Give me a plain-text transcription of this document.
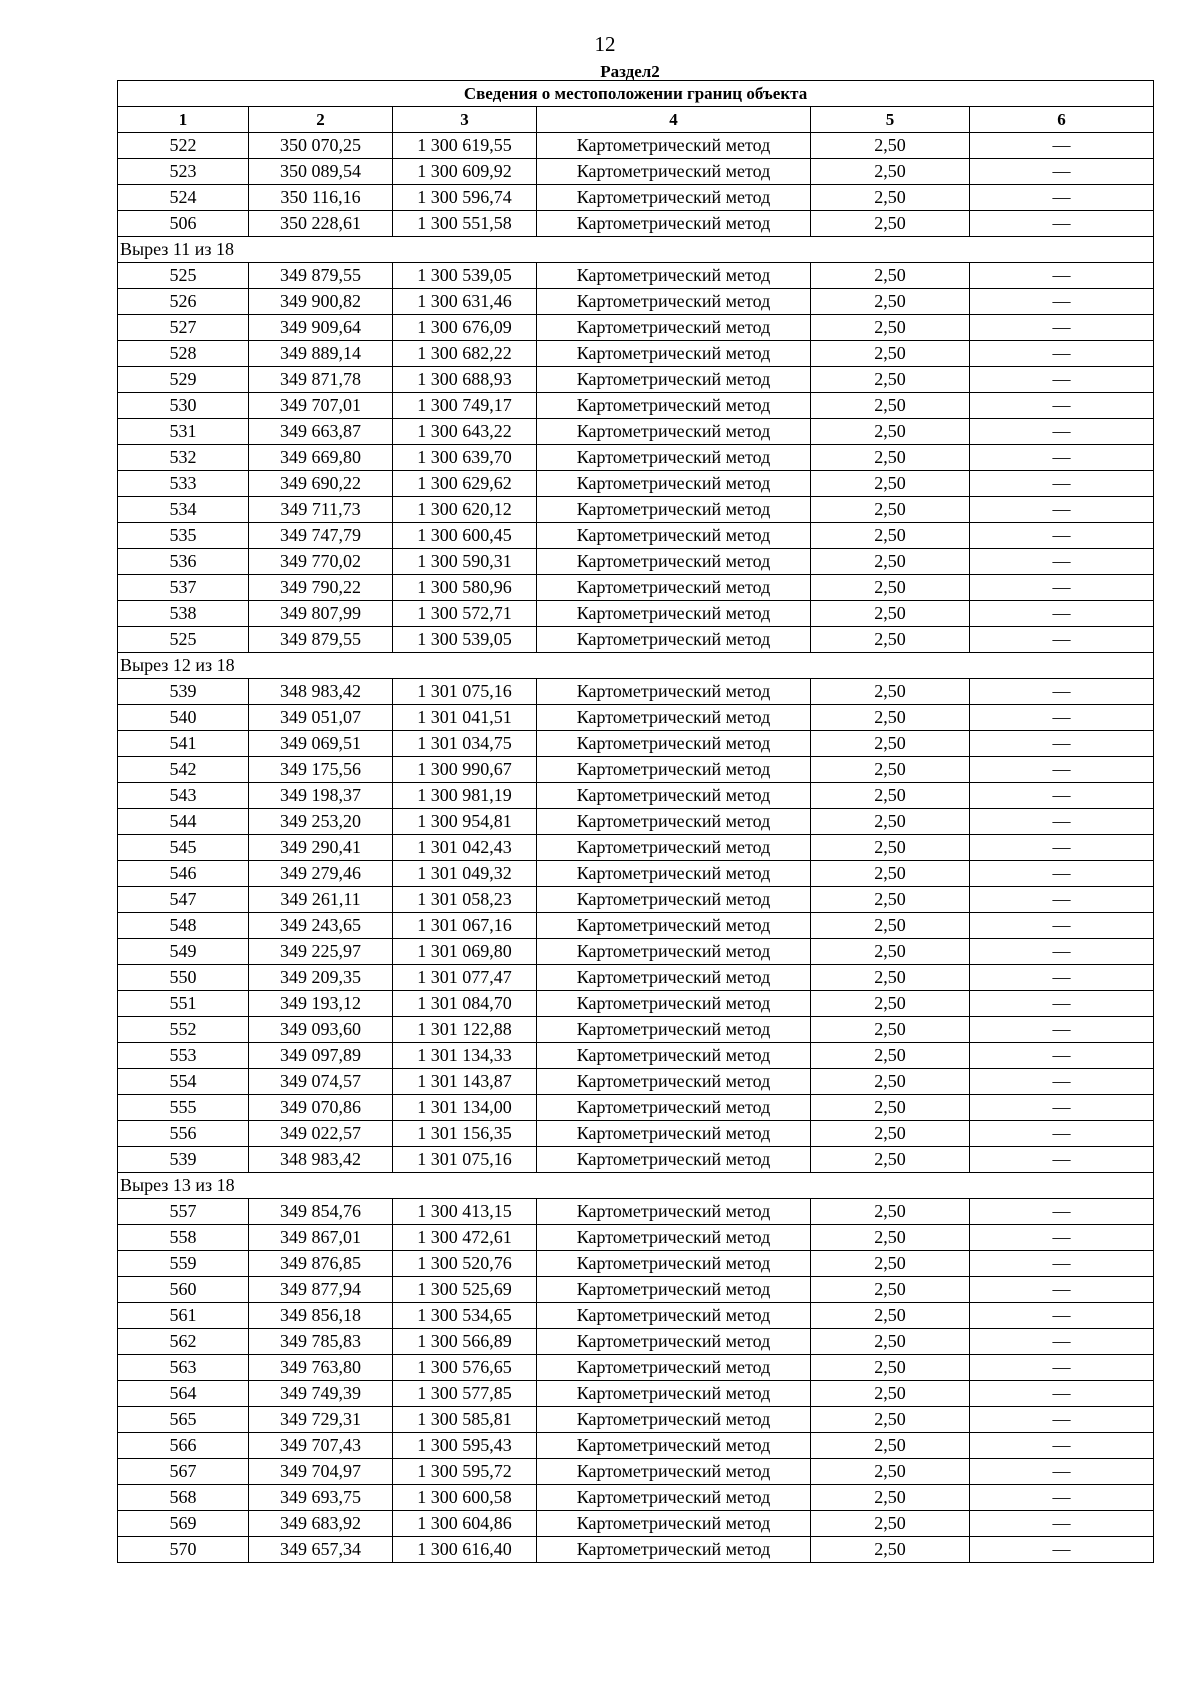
12
Раздел2
Сведения о местоположении границ объекта					
1	2	3	4	5	6
522	350 070,25	1 300 619,55	Картометрический метод	2,50	—
523	350 089,54	1 300 609,92	Картометрический метод	2,50	—
524	350 116,16	1 300 596,74	Картометрический метод	2,50	—
506	350 228,61	1 300 551,58	Картометрический метод	2,50	—
Вырез 11 из 18					
525	349 879,55	1 300 539,05	Картометрический метод	2,50	—
526	349 900,82	1 300 631,46	Картометрический метод	2,50	—
527	349 909,64	1 300 676,09	Картометрический метод	2,50	—
528	349 889,14	1 300 682,22	Картометрический метод	2,50	—
529	349 871,78	1 300 688,93	Картометрический метод	2,50	—
530	349 707,01	1 300 749,17	Картометрический метод	2,50	—
531	349 663,87	1 300 643,22	Картометрический метод	2,50	—
532	349 669,80	1 300 639,70	Картометрический метод	2,50	—
533	349 690,22	1 300 629,62	Картометрический метод	2,50	—
534	349 711,73	1 300 620,12	Картометрический метод	2,50	—
535	349 747,79	1 300 600,45	Картометрический метод	2,50	—
536	349 770,02	1 300 590,31	Картометрический метод	2,50	—
537	349 790,22	1 300 580,96	Картометрический метод	2,50	—
538	349 807,99	1 300 572,71	Картометрический метод	2,50	—
525	349 879,55	1 300 539,05	Картометрический метод	2,50	—
Вырез 12 из 18					
539	348 983,42	1 301 075,16	Картометрический метод	2,50	—
540	349 051,07	1 301 041,51	Картометрический метод	2,50	—
541	349 069,51	1 301 034,75	Картометрический метод	2,50	—
542	349 175,56	1 300 990,67	Картометрический метод	2,50	—
543	349 198,37	1 300 981,19	Картометрический метод	2,50	—
544	349 253,20	1 300 954,81	Картометрический метод	2,50	—
545	349 290,41	1 301 042,43	Картометрический метод	2,50	—
546	349 279,46	1 301 049,32	Картометрический метод	2,50	—
547	349 261,11	1 301 058,23	Картометрический метод	2,50	—
548	349 243,65	1 301 067,16	Картометрический метод	2,50	—
549	349 225,97	1 301 069,80	Картометрический метод	2,50	—
550	349 209,35	1 301 077,47	Картометрический метод	2,50	—
551	349 193,12	1 301 084,70	Картометрический метод	2,50	—
552	349 093,60	1 301 122,88	Картометрический метод	2,50	—
553	349 097,89	1 301 134,33	Картометрический метод	2,50	—
554	349 074,57	1 301 143,87	Картометрический метод	2,50	—
555	349 070,86	1 301 134,00	Картометрический метод	2,50	—
556	349 022,57	1 301 156,35	Картометрический метод	2,50	—
539	348 983,42	1 301 075,16	Картометрический метод	2,50	—
Вырез 13 из 18					
557	349 854,76	1 300 413,15	Картометрический метод	2,50	—
558	349 867,01	1 300 472,61	Картометрический метод	2,50	—
559	349 876,85	1 300 520,76	Картометрический метод	2,50	—
560	349 877,94	1 300 525,69	Картометрический метод	2,50	—
561	349 856,18	1 300 534,65	Картометрический метод	2,50	—
562	349 785,83	1 300 566,89	Картометрический метод	2,50	—
563	349 763,80	1 300 576,65	Картометрический метод	2,50	—
564	349 749,39	1 300 577,85	Картометрический метод	2,50	—
565	349 729,31	1 300 585,81	Картометрический метод	2,50	—
566	349 707,43	1 300 595,43	Картометрический метод	2,50	—
567	349 704,97	1 300 595,72	Картометрический метод	2,50	—
568	349 693,75	1 300 600,58	Картометрический метод	2,50	—
569	349 683,92	1 300 604,86	Картометрический метод	2,50	—
570	349 657,34	1 300 616,40	Картометрический метод	2,50	—
